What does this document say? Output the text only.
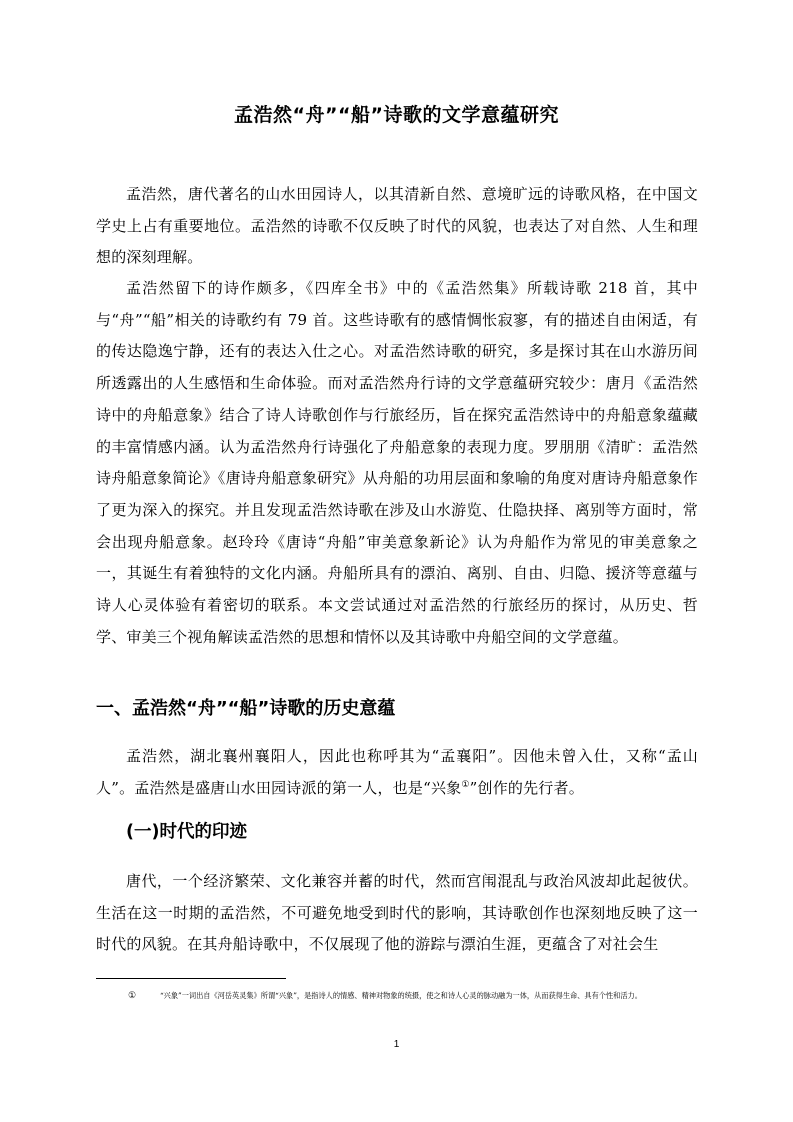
孟浩然“舟”“船”诗歌的文学意蕴研究

孟浩然，唐代著名的山水田园诗人，以其清新自然、意境旷远的诗歌风格，在中国文学史上占有重要地位。孟浩然的诗歌不仅反映了时代的风貌，也表达了对自然、人生和理想的深刻理解。

孟浩然留下的诗作颇多，《四库全书》中的《孟浩然集》所载诗歌 218 首，其中与“舟”“船”相关的诗歌约有 79 首。这些诗歌有的感情惆怅寂寥，有的描述自由闲适，有的传达隐逸宁静，还有的表达入仕之心。对孟浩然诗歌的研究，多是探讨其在山水游历间所透露出的人生感悟和生命体验。而对孟浩然舟行诗的文学意蕴研究较少：唐月《孟浩然诗中的舟船意象》结合了诗人诗歌创作与行旅经历，旨在探究孟浩然诗中的舟船意象蕴藏的丰富情感内涵。认为孟浩然舟行诗强化了舟船意象的表现力度。罗朋朋《清旷：孟浩然诗舟船意象简论》《唐诗舟船意象研究》从舟船的功用层面和象喻的角度对唐诗舟船意象作了更为深入的探究。并且发现孟浩然诗歌在涉及山水游览、仕隐抉择、离别等方面时，常会出现舟船意象。赵玲玲《唐诗“舟船”审美意象新论》认为舟船作为常见的审美意象之一，其诞生有着独特的文化内涵。舟船所具有的漂泊、离别、自由、归隐、援济等意蕴与诗人心灵体验有着密切的联系。本文尝试通过对孟浩然的行旅经历的探讨，从历史、哲学、审美三个视角解读孟浩然的思想和情怀以及其诗歌中舟船空间的文学意蕴。

一、孟浩然“舟”“船”诗歌的历史意蕴

孟浩然，湖北襄州襄阳人，因此也称呼其为“孟襄阳”。因他未曾入仕，又称“孟山人”。孟浩然是盛唐山水田园诗派的第一人，也是“兴象①”创作的先行者。

(一)时代的印迹

唐代，一个经济繁荣、文化兼容并蓄的时代，然而宫闱混乱与政治风波却此起彼伏。生活在这一时期的孟浩然，不可避免地受到时代的影响，其诗歌创作也深刻地反映了这一时代的风貌。在其舟船诗歌中，不仅展现了他的游踪与漂泊生涯，更蕴含了对社会生

①	“兴象”一词出自《河岳英灵集》所谓“兴象”，是指诗人的情感、精神对物象的统摄，使之和诗人心灵的脉动融为一体，从而获得生命、具有个性和活力。

1
